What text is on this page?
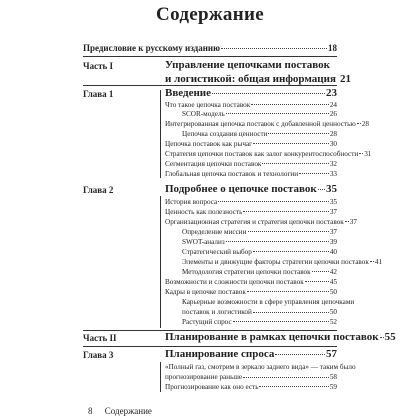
Содержание
Предисловие к русскому изданию	18
Часть I	Управление цепочками поставок
и логистикой: общая информация 21
Глава 1	Введение	23
Что такое цепочка поставок	24
SCOR-модель	26
Интегрированная цепочка поставок с добавленной ценностью 28
Цепочка создания ценности	28
Цепочка поставок как рычаг	30
Стратегия цепочки поставок как залог конкурентоспособности 31
Сегментация цепочки поставок	32
Глобальная цепочка поставок и технологии	33
Глава 2	Подробнее о цепочке поставок 35
История вопроса	35
Ценность как полезность	37
Организационная стратегия и стратегия цепочки поставок 37
Определение миссии	37
SWOT-анализ	39
Стратегический выбор	40
Элементы и движущие факторы стратегии цепочки поставок 41
Методология стратегии цепочки поставок	42
Возможности и сложности цепочки поставок	45
Кадры в цепочке поставок	50
Карьерные возможности в сфере управления цепочками
поставок и логистикой	50
Растущий спрос	52
Часть II	Планирование в рамках цепочки поставок 55
Глава 3	Планирование спроса	57
«Полный газ, смотрим в зеркало заднего вида» — таким было
прогнозирование раньше	58
Прогнозирование как оно есть	59
8 Содержание
